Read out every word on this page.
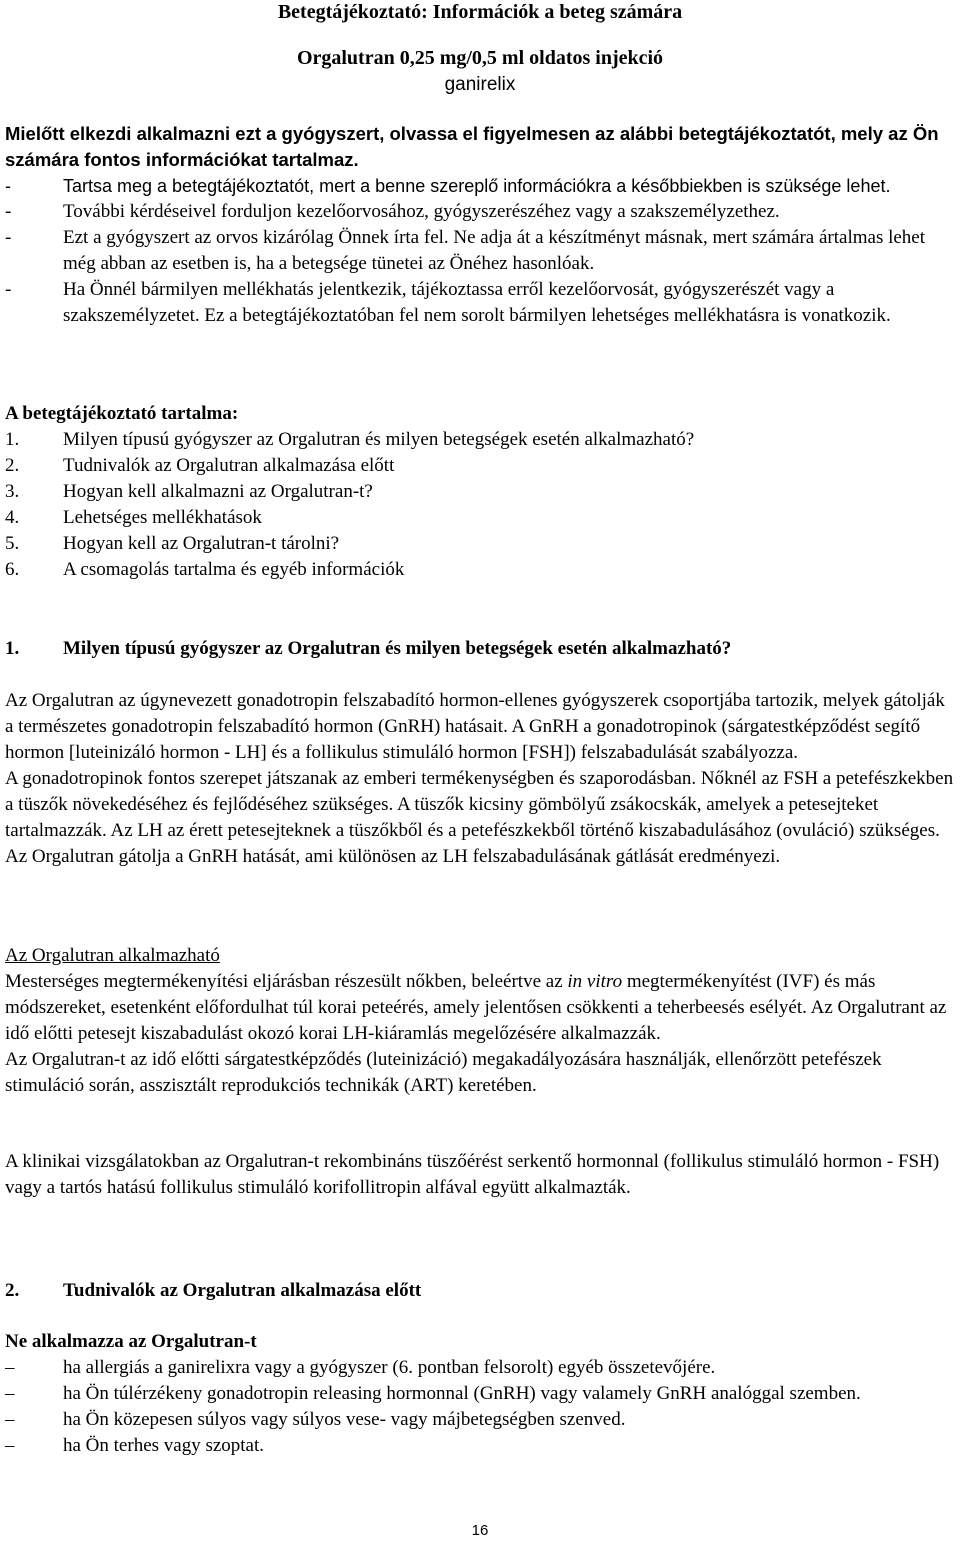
Betegtájékoztató: Információk a beteg számára
Orgalutran 0,25 mg/0,5 ml oldatos injekció
ganirelix
Mielőtt elkezdi alkalmazni ezt a gyógyszert, olvassa el figyelmesen az alábbi betegtájékoztatót, mely az Ön számára fontos információkat tartalmaz.
-	Tartsa meg a betegtájékoztatót, mert a benne szereplő információkra a későbbiekben is szüksége lehet.
-	További kérdéseivel forduljon kezelőorvosához, gyógyszerészéhez vagy a szakszemélyzethez.
-	Ezt a gyógyszert az orvos kizárólag Önnek írta fel. Ne adja át a készítményt másnak, mert számára ártalmas lehet még abban az esetben is, ha a betegsége tünetei az Önéhez hasonlóak.
-	Ha Önnél bármilyen mellékhatás jelentkezik, tájékoztassa erről kezelőorvosát, gyógyszerészét vagy a szakszemélyzetet. Ez a betegtájékoztatóban fel nem sorolt bármilyen lehetséges mellékhatásra is vonatkozik.
A betegtájékoztató tartalma:
1.	Milyen típusú gyógyszer az Orgalutran és milyen betegségek esetén alkalmazható?
2.	Tudnivalók az Orgalutran alkalmazása előtt
3.	Hogyan kell alkalmazni az Orgalutran-t?
4.	Lehetséges mellékhatások
5.	Hogyan kell az Orgalutran-t tárolni?
6.	A csomagolás tartalma és egyéb információk
1.	Milyen típusú gyógyszer az Orgalutran és milyen betegségek esetén alkalmazható?

Az Orgalutran az úgynevezett gonadotropin felszabadító hormon-ellenes gyógyszerek csoportjába tartozik, melyek gátolják a természetes gonadotropin felszabadító hormon (GnRH) hatásait. A GnRH a gonadotropinok (sárgatestképződést segítő hormon [luteinizáló hormon - LH] és a follikulus stimuláló hormon [FSH]) felszabadulását szabályozza.

A gonadotropinok fontos szerepet játszanak az emberi termékenységben és szaporodásban. Nőknél az FSH a petefészkekben a tüszők növekedéséhez és fejlődéséhez szükséges. A tüszők kicsiny gömbölyű zsákocskák, amelyek a petesejteket tartalmazzák. Az LH az érett petesejteknek a tüszőkből és a petefészkekből történő kiszabadulásához (ovuláció) szükséges.

Az Orgalutran gátolja a GnRH hatását, ami különösen az LH felszabadulásának gátlását eredményezi.

Az Orgalutran alkalmazható

Mesterséges megtermékenyítési eljárásban részesült nőkben, beleértve az in vitro megtermékenyítést (IVF) és más módszereket, esetenként előfordulhat túl korai peteérés, amely jelentősen csökkenti a teherbeesés esélyét. Az Orgalutrant az idő előtti petesejt kiszabadulást okozó korai LH-kiáramlás megelőzésére alkalmazzák.

Az Orgalutran-t az idő előtti sárgatestképződés (luteinizáció) megakadályozására használják, ellenőrzött petefészek stimuláció során, asszisztált reprodukciós technikák (ART) keretében.

A klinikai vizsgálatokban az Orgalutran-t rekombináns tüszőérést serkentő hormonnal (follikulus stimuláló hormon - FSH) vagy a tartós hatású follikulus stimuláló korifollitropin alfával együtt alkalmazták.

2.	Tudnivalók az Orgalutran alkalmazása előtt

Ne alkalmazza az Orgalutran-t

–	ha allergiás a ganirelixra vagy a gyógyszer (6. pontban felsorolt) egyéb összetevőjére.
–	ha Ön túlérzékeny gonadotropin releasing hormonnal (GnRH) vagy valamely GnRH analóggal szemben.
–	ha Ön közepesen súlyos vagy súlyos vese- vagy májbetegségben szenved.
–	ha Ön terhes vagy szoptat.
16
